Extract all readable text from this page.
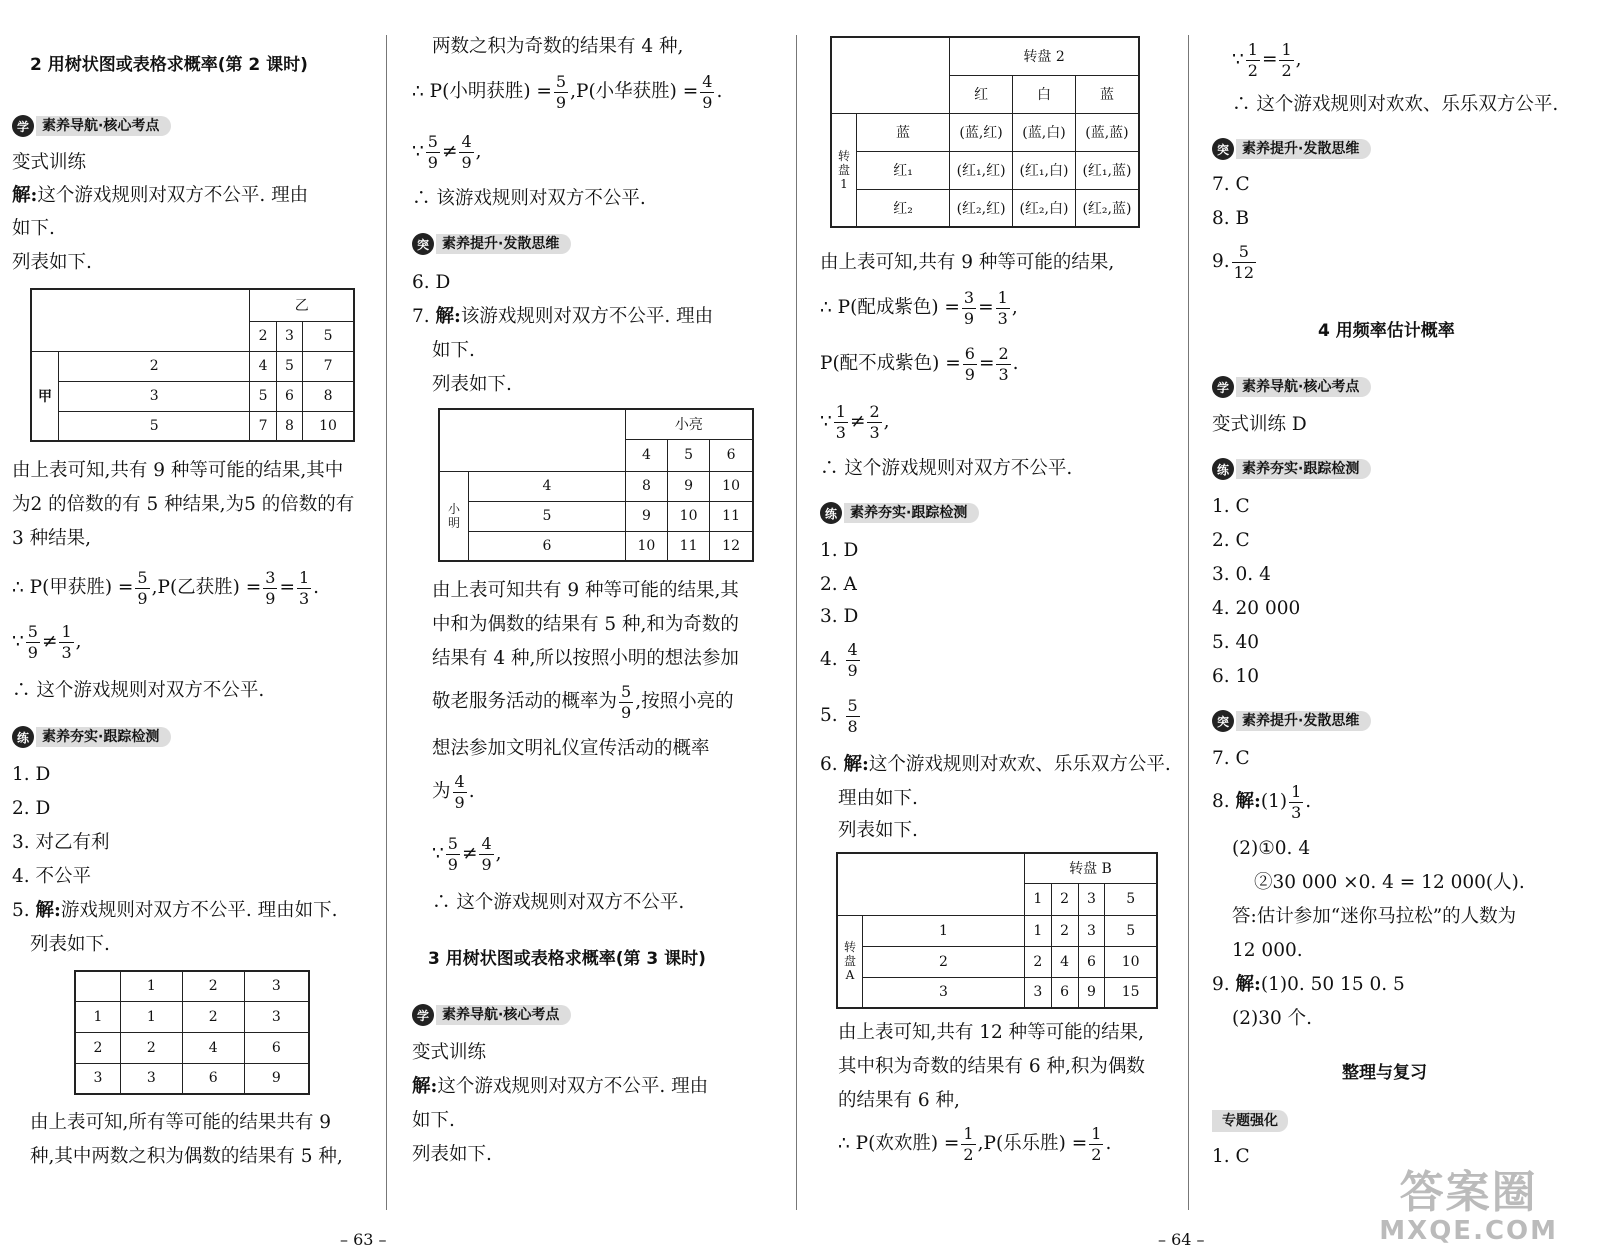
2 用树状图或表格求概率(第 2 课时)
学 素养导航·核心考点
变式训练
解:这个游戏规则对双方不公平. 理由
如下.
列表如下.
		乙		
		2	3	5
甲	2	4	5	7
	3	5	6	8
	5	7	8	10
由上表可知,共有 9 种等可能的结果,其中
为2 的倍数的有 5 种结果,为5 的倍数的有
3 种结果,
∴ P(甲获胜) = $\frac{5}{9} ,P$(乙获胜) = $\frac{3}{9} = \frac{1}{3}$ .
∵ $\frac{5}{9} \ne \frac{1}{3}$ ,
∴ 这个游戏规则对双方不公平.
练 素养夯实·跟踪检测
1. D
2. D
3. 对乙有利
4. 不公平
5. 解:游戏规则对双方不公平. 理由如下.
列表如下.
	1	2	3
1	1	2	3
2	2	4	6
3	3	6	9
由上表可知,所有等可能的结果共有 9
种,其中两数之积为偶数的结果有 5 种,
两数之积为奇数的结果有 4 种,
∴ P(小明获胜) = $\frac{5}{9} ,P$(小华获胜) = $\frac{4}{9}$ .
∵ $\frac{5}{9} \ne \frac{4}{9}$ ,
∴ 该游戏规则对双方不公平.
突 素养提升·发散思维
6. D
7. 解:该游戏规则对双方不公平. 理由
如下.
列表如下.
		小亮		
		4	5	6

小明	4	8	9	10
	5	9	10	11
	6	10	11	12
由上表可知共有 9 种等可能的结果,其
中和为偶数的结果有 5 种,和为奇数的
结果有 4 种,所以按照小明的想法参加
敬老服务活动的概率为 $\frac{5}{9}$ ,按照小亮的
想法参加文明礼仪宣传活动的概率
为 $\frac{4}{9}$ .
∵ $\frac{5}{9} \ne \frac{4}{9}$ ,
∴ 这个游戏规则对双方不公平.
3 用树状图或表格求概率(第 3 课时)
学 素养导航·核心考点
变式训练
解:这个游戏规则对双方不公平. 理由
如下.
列表如下.
– 63 –
		转盘 2		
		红	白	蓝

转盘1	蓝	(蓝,红)	(蓝,白)	(蓝,蓝)
	红₁	(红₁,红)	(红₁,白)	(红₁,蓝)
	红₂	(红₂,红)	(红₂,白)	(红₂,蓝)
由上表可知,共有 9 种等可能的结果,
∴ P(配成紫色) = $\frac{3}{9} = \frac{1}{3}$ ,
P(配不成紫色) = $\frac{6}{9} = \frac{2}{3}$ .
∵ $\frac{1}{3} \ne \frac{2}{3}$ ,
∴ 这个游戏规则对双方不公平.
练 素养夯实·跟踪检测
1. D
2. A
3. D
4. $\frac{4}{9}$
5. $\frac{5}{8}$
6. 解:这个游戏规则对欢欢、乐乐双方公平.
理由如下.
列表如下.
		转盘 B			
		1	2	3	5

转盘A	1	1	2	3	5
	2	2	4	6	10
	3	3	6	9	15
由上表可知,共有 12 种等可能的结果,
其中积为奇数的结果有 6 种,积为偶数
的结果有 6 种,
∴ P(欢欢胜) = $\frac{1}{2} ,P$(乐乐胜) = $\frac{1}{2}$ .
– 64 –
∵ $\frac{1}{2} = \frac{1}{2}$ ,
∴ 这个游戏规则对欢欢、乐乐双方公平.
突 素养提升·发散思维
7. C
8. B
9. $\frac{5}{12}$
4 用频率估计概率
学 素养导航·核心考点
变式训练 D
练 素养夯实·跟踪检测
1. C
2. C
3. 0. 4
4. 20 000
5. 40
6. 10
突 素养提升·发散思维
7. C
8. 解:(1) $\frac{1}{3}$ .
(2)①0. 4
②30 000 ×0. 4 = 12 000(人).
答:估计参加“迷你马拉松”的人数为
12 000.
9. 解:(1)0. 50 15 0. 5
(2)30 个.
整理与复习
专题强化
1. C
答案圈
MXQE.COM
